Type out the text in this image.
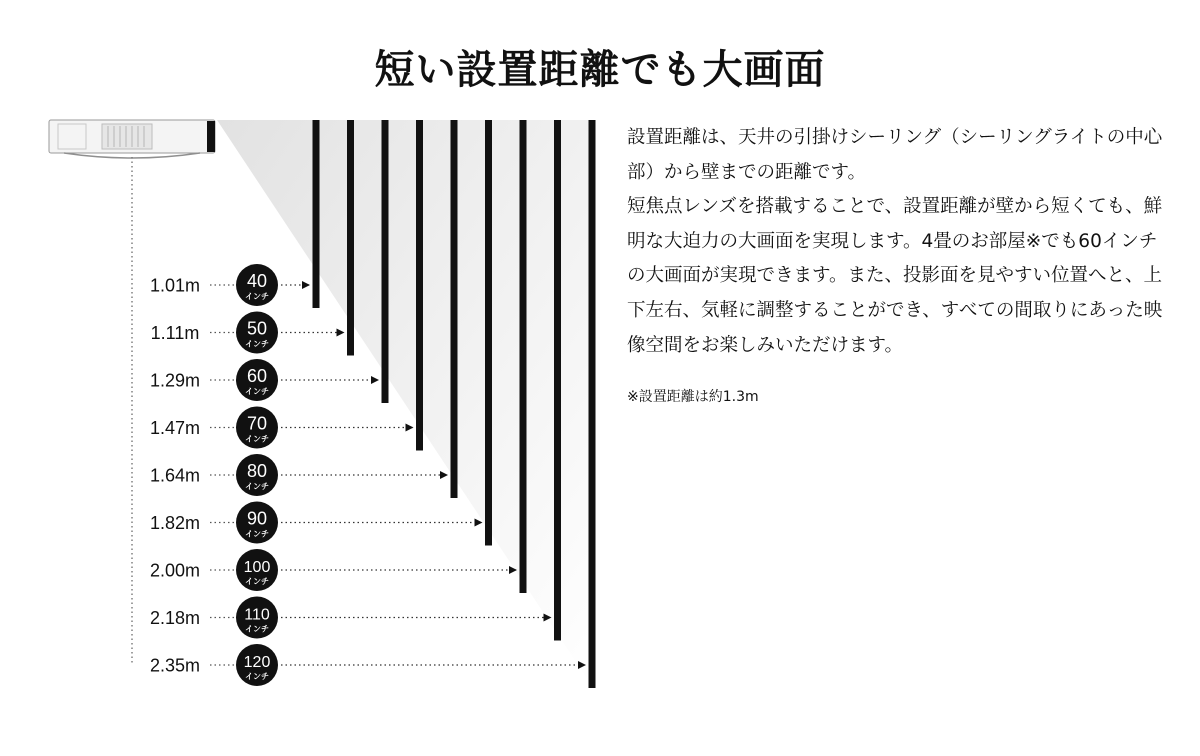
短い設置距離でも大画面
1.01m	40
インチ
1.11m	50
インチ
1.29m	60
インチ
1.47m	70
インチ
1.64m	80
インチ
1.82m	90
インチ
2.00m	100
インチ
2.18m	110
インチ
2.35m	120
インチ

設置距離は、天井の引掛けシーリング（シーリングライトの中心部）から壁までの距離です。

短焦点レンズを搭載することで、設置距離が壁から短くても、鮮明な大迫力の大画面を実現します。4畳のお部屋※でも60インチの大画面が実現できます。また、投影面を見やすい位置へと、上下左右、気軽に調整することができ、すべての間取りにあった映像空間をお楽しみいただけます。

※設置距離は約1.3m
